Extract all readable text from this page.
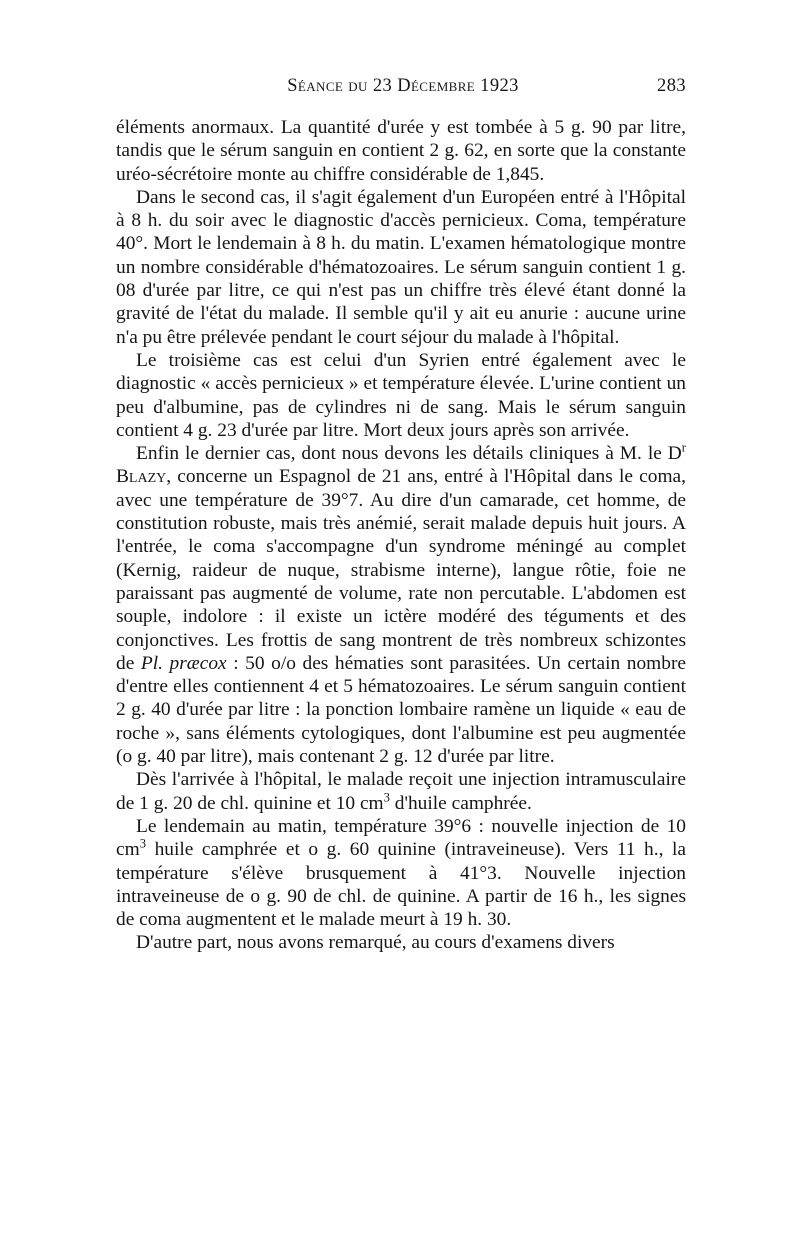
Séance du 23 Décembre 1923	283

éléments anormaux. La quantité d'urée y est tombée à 5 g. 90 par litre, tandis que le sérum sanguin en contient 2 g. 62, en sorte que la constante uréo-sécrétoire monte au chiffre considérable de 1,845.

Dans le second cas, il s'agit également d'un Européen entré à l'Hôpital à 8 h. du soir avec le diagnostic d'accès pernicieux. Coma, température 40°. Mort le lendemain à 8 h. du matin. L'examen hématologique montre un nombre considérable d'hématozoaires. Le sérum sanguin contient 1 g. 08 d'urée par litre, ce qui n'est pas un chiffre très élevé étant donné la gravité de l'état du malade. Il semble qu'il y ait eu anurie : aucune urine n'a pu être prélevée pendant le court séjour du malade à l'hôpital.

Le troisième cas est celui d'un Syrien entré également avec le diagnostic « accès pernicieux » et température élevée. L'urine contient un peu d'albumine, pas de cylindres ni de sang. Mais le sérum sanguin contient 4 g. 23 d'urée par litre. Mort deux jours après son arrivée.

Enfin le dernier cas, dont nous devons les détails cliniques à M. le $D^r$ Blazy, concerne un Espagnol de 21 ans, entré à l'Hôpital dans le coma, avec une température de 39°7. Au dire d'un camarade, cet homme, de constitution robuste, mais très anémié, serait malade depuis huit jours. A l'entrée, le coma s'accompagne d'un syndrome méningé au complet (Kernig, raideur de nuque, strabisme interne), langue rôtie, foie ne paraissant pas augmenté de volume, rate non percutable. L'abdomen est souple, indolore : il existe un ictère modéré des téguments et des conjonctives. Les frottis de sang montrent de très nombreux schizontes de Pl. præcox : 50 o/o des hématies sont parasitées. Un certain nombre d'entre elles contiennent 4 et 5 hématozoaires. Le sérum sanguin contient 2 g. 40 d'urée par litre : la ponction lombaire ramène un liquide « eau de roche », sans éléments cytologiques, dont l'albumine est peu augmentée (o g. 40 par litre), mais contenant 2 g. 12 d'urée par litre.

Dès l'arrivée à l'hôpital, le malade reçoit une injection intramusculaire de 1 g. 20 de chl. quinine et 10 $cm^3$ d'huile camphrée.

Le lendemain au matin, température 39°6 : nouvelle injection de 10 $cm^3$ huile camphrée et o g. 60 quinine (intraveineuse). Vers 11 h., la température s'élève brusquement à 41°3. Nouvelle injection intraveineuse de o g. 90 de chl. de quinine. A partir de 16 h., les signes de coma augmentent et le malade meurt à 19 h. 30.

D'autre part, nous avons remarqué, au cours d'examens divers
